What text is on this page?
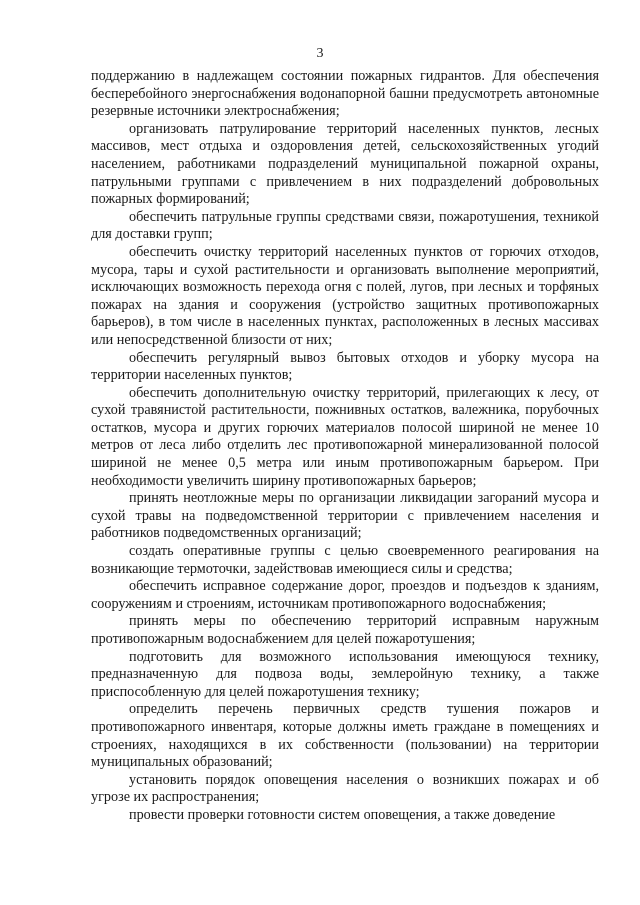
3

поддержанию в надлежащем состоянии пожарных гидрантов. Для обеспечения бесперебойного энергоснабжения водонапорной башни предусмотреть автономные резервные источники электроснабжения;

организовать патрулирование территорий населенных пунктов, лесных массивов, мест отдыха и оздоровления детей, сельскохозяйственных угодий населением, работниками подразделений муниципальной пожарной охраны, патрульными группами с привлечением в них подразделений добровольных пожарных формирований;

обеспечить патрульные группы средствами связи, пожаротушения, техникой для доставки групп;

обеспечить очистку территорий населенных пунктов от горючих отходов, мусора, тары и сухой растительности и организовать выполнение мероприятий, исключающих возможность перехода огня с полей, лугов, при лесных и торфяных пожарах на здания и сооружения (устройство защитных противопожарных барьеров), в том числе в населенных пунктах, расположенных в лесных массивах или непосредственной близости от них;

обеспечить регулярный вывоз бытовых отходов и уборку мусора на территории населенных пунктов;

обеспечить дополнительную очистку территорий, прилегающих к лесу, от сухой травянистой растительности, пожнивных остатков, валежника, порубочных остатков, мусора и других горючих материалов полосой шириной не менее 10 метров от леса либо отделить лес противопожарной минерализованной полосой шириной не менее 0,5 метра или иным противопожарным барьером. При необходимости увеличить ширину противопожарных барьеров;

принять неотложные меры по организации ликвидации загораний мусора и сухой травы на подведомственной территории с привлечением населения и работников подведомственных организаций;

создать оперативные группы с целью своевременного реагирования на возникающие термоточки, задействовав имеющиеся силы и средства;

обеспечить исправное содержание дорог, проездов и подъездов к зданиям, сооружениям и строениям, источникам противопожарного водоснабжения;

принять меры по обеспечению территорий исправным наружным противопожарным водоснабжением для целей пожаротушения;

подготовить для возможного использования имеющуюся технику, предназначенную для подвоза воды, землеройную технику, а также приспособленную для целей пожаротушения технику;

определить перечень первичных средств тушения пожаров и противопожарного инвентаря, которые должны иметь граждане в помещениях и строениях, находящихся в их собственности (пользовании) на территории муниципальных образований;

установить порядок оповещения населения о возникших пожарах и об угрозе их распространения;

провести проверки готовности систем оповещения, а также доведение
